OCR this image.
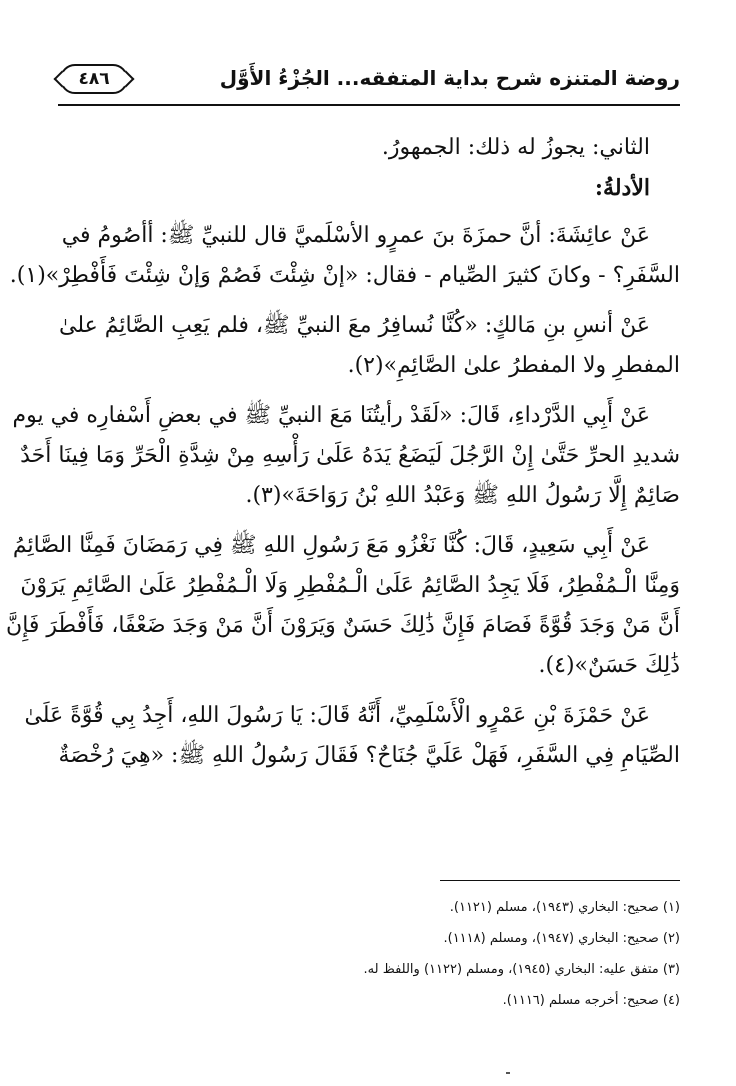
روضة المتنزه شرح بداية المتفقه... الجُزْءُ الأَوَّل
٤٨٦

الثاني: يجوزُ له ذلك: الجمهورُ.

الأدلةُ:

عَنْ عائِشَةَ: أنَّ حمزَةَ بنَ عمرٍو الأسْلَميَّ قال للنبيِّ ﷺ: أأصُومُ في

السَّفَرِ؟ - وكانَ كثيرَ الصِّيام - فقال: «إنْ شِئْتَ فَصُمْ وَإنْ شِئْتَ فَأَفْطِرْ»(١).

عَنْ أنسِ بنِ مَالكٍ: «كُنَّا نُسافِرُ معَ النبيِّ ﷺ، فلم يَعِبِ الصَّائِمُ علىٰ

المفطرِ ولا المفطرُ علىٰ الصَّائِمِ»(٢).

عَنْ أَبِي الدَّرْداءِ، قَالَ: «لَقَدْ رأيتُنَا مَعَ النبيِّ ﷺ في بعضِ أَسْفارِه في يوم

شديدِ الحرِّ حَتَّىٰ إِنْ الرَّجُلَ لَيَضَعُ يَدَهُ عَلَىٰ رَأْسِهِ مِنْ شِدَّةِ الْحَرِّ وَمَا فِينَا أَحَدٌ

صَائِمٌ إِلَّا رَسُولُ اللهِ ﷺ وَعَبْدُ اللهِ بْنُ رَوَاحَةَ»(٣).

عَنْ أَبِي سَعِيدٍ، قَالَ: كُنَّا نَغْزُو مَعَ رَسُولِ اللهِ ﷺ فِي رَمَضَانَ فَمِنَّا الصَّائِمُ

وَمِنَّا الْـمُفْطِرُ، فَلَا يَجِدُ الصَّائِمُ عَلَىٰ الْـمُفْطِرِ وَلَا الْـمُفْطِرُ عَلَىٰ الصَّائِمِ يَرَوْنَ

أَنَّ مَنْ وَجَدَ قُوَّةً فَصَامَ فَإِنَّ ذَٰلِكَ حَسَنٌ وَيَرَوْنَ أَنَّ مَنْ وَجَدَ ضَعْفًا، فَأَفْطَرَ فَإِنَّ

ذَٰلِكَ حَسَنٌ»(٤).

عَنْ حَمْزَةَ بْنِ عَمْرٍو الْأَسْلَمِيِّ، أَنَّهُ قَالَ: يَا رَسُولَ اللهِ، أَجِدُ بِي قُوَّةً عَلَىٰ

الصِّيَامِ فِي السَّفَرِ، فَهَلْ عَلَيَّ جُنَاحٌ؟ فَقَالَ رَسُولُ اللهِ ﷺ: «هِيَ رُخْصَةٌ

(١) صحيح: البخاري (١٩٤٣)، مسلم (١١٢١).
(٢) صحيح: البخاري (١٩٤٧)، ومسلم (١١١٨).
(٣) متفق عليه: البخاري (١٩٤٥)، ومسلم (١١٢٢) واللفظ له.
(٤) صحيح: أخرجه مسلم (١١١٦).
